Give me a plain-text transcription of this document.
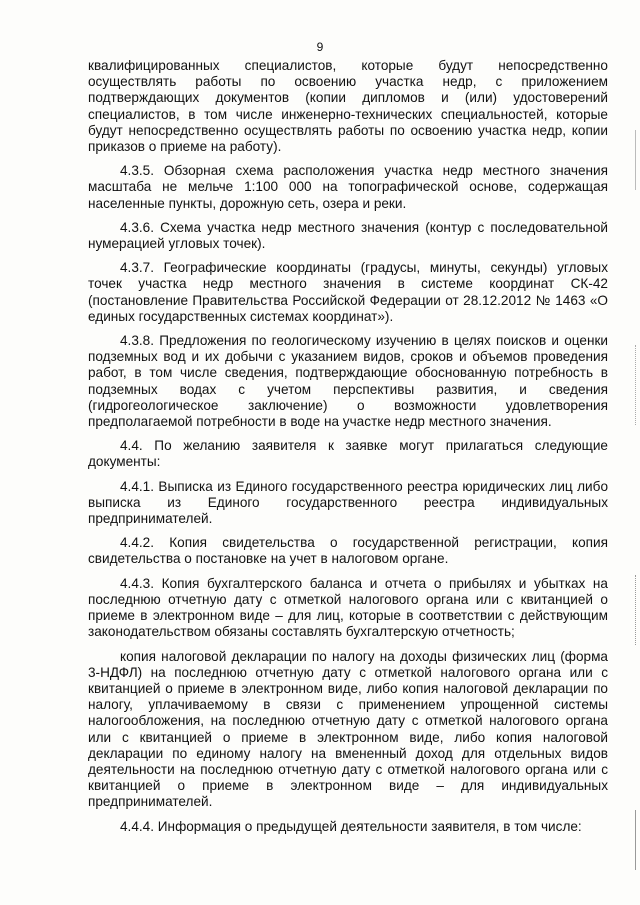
9

квалифицированных специалистов, которые будут непосредственно осуществлять работы по освоению участка недр, с приложением подтверждающих документов (копии дипломов и (или) удостоверений специалистов, в том числе инженерно-технических специальностей, которые будут непосредственно осуществлять работы по освоению участка недр, копии приказов о приеме на работу).

4.3.5. Обзорная схема расположения участка недр местного значения масштаба не мельче 1:100 000 на топографической основе, содержащая населенные пункты, дорожную сеть, озера и реки.

4.3.6. Схема участка недр местного значения (контур с последовательной нумерацией угловых точек).

4.3.7. Географические координаты (градусы, минуты, секунды) угловых точек участка недр местного значения в системе координат СК-42 (постановление Правительства Российской Федерации от 28.12.2012 № 1463 «О единых государственных системах координат»).

4.3.8. Предложения по геологическому изучению в целях поисков и оценки подземных вод и их добычи с указанием видов, сроков и объемов проведения работ, в том числе сведения, подтверждающие обоснованную потребность в подземных водах с учетом перспективы развития, и сведения (гидрогеологическое заключение) о возможности удовлетворения предполагаемой потребности в воде на участке недр местного значения.

4.4. По желанию заявителя к заявке могут прилагаться следующие документы:

4.4.1. Выписка из Единого государственного реестра юридических лиц либо выписка из Единого государственного реестра индивидуальных предпринимателей.

4.4.2. Копия свидетельства о государственной регистрации, копия свидетельства о постановке на учет в налоговом органе.

4.4.3. Копия бухгалтерского баланса и отчета о прибылях и убытках на последнюю отчетную дату с отметкой налогового органа или с квитанцией о приеме в электронном виде – для лиц, которые в соответствии с действующим законодательством обязаны составлять бухгалтерскую отчетность;

копия налоговой декларации по налогу на доходы физических лиц (форма 3-НДФЛ) на последнюю отчетную дату с отметкой налогового органа или с квитанцией о приеме в электронном виде, либо копия налоговой декларации по налогу, уплачиваемому в связи с применением упрощенной системы налогообложения, на последнюю отчетную дату с отметкой налогового органа или с квитанцией о приеме в электронном виде, либо копия налоговой декларации по единому налогу на вмененный доход для отдельных видов деятельности на последнюю отчетную дату с отметкой налогового органа или с квитанцией о приеме в электронном виде – для индивидуальных предпринимателей.

4.4.4. Информация о предыдущей деятельности заявителя, в том числе:
